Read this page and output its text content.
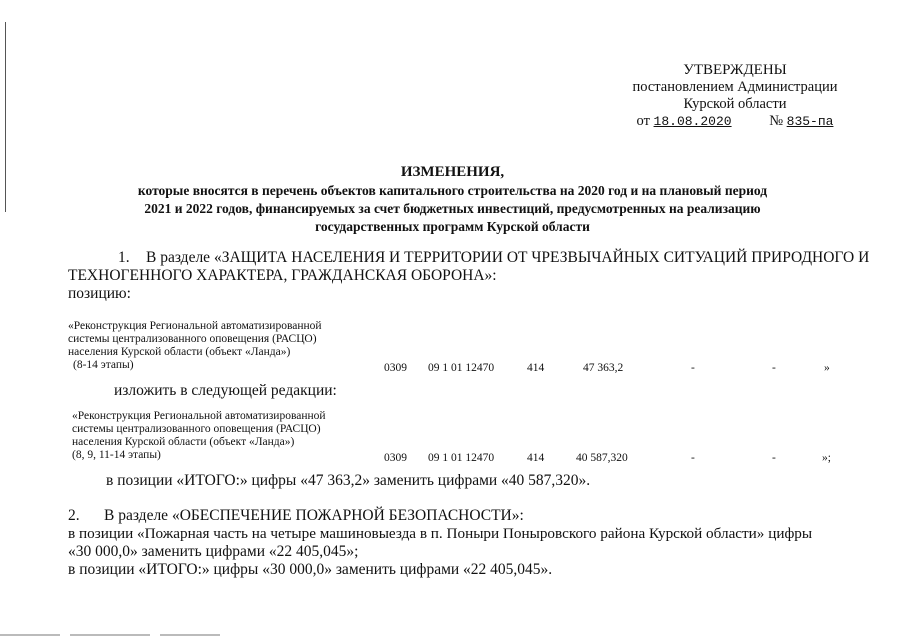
УТВЕРЖДЕНЫ
постановлением Администрации
Курской области
от 18.08.2020	№ 835-па
ИЗМЕНЕНИЯ,
которые вносятся в перечень объектов капитального строительства на 2020 год и на плановый период
2021 и 2022 годов, финансируемых за счет бюджетных инвестиций, предусмотренных на реализацию
государственных программ Курской области
1. В разделе «ЗАЩИТА НАСЕЛЕНИЯ И ТЕРРИТОРИИ ОТ ЧРЕЗВЫЧАЙНЫХ СИТУАЦИЙ ПРИРОДНОГО И
ТЕХНОГЕННОГО ХАРАКТЕРА, ГРАЖДАНСКАЯ ОБОРОНА»:
позицию:
«Реконструкция Региональной автоматизированной
системы централизованного оповещения (РАСЦО)
населения Курской области (объект «Ланда»)
(8-14 этапы)	0309 09 1 01 12470	414	47 363,2	-	-	»
изложить в следующей редакции:
«Реконструкция Региональной автоматизированной
системы централизованного оповещения (РАСЦО)
населения Курской области (объект «Ланда»)
(8, 9, 11-14 этапы)	0309 09 1 01 12470	414	40 587,320	-	-	»;
в позиции «ИТОГО:» цифры «47 363,2» заменить цифрами «40 587,320».
2. В разделе «ОБЕСПЕЧЕНИЕ ПОЖАРНОЙ БЕЗОПАСНОСТИ»:
в позиции «Пожарная часть на четыре машиновыезда в п. Поныри Поныровского района Курской области» цифры
«30 000,0» заменить цифрами «22 405,045»;
в позиции «ИТОГО:» цифры «30 000,0» заменить цифрами «22 405,045».
